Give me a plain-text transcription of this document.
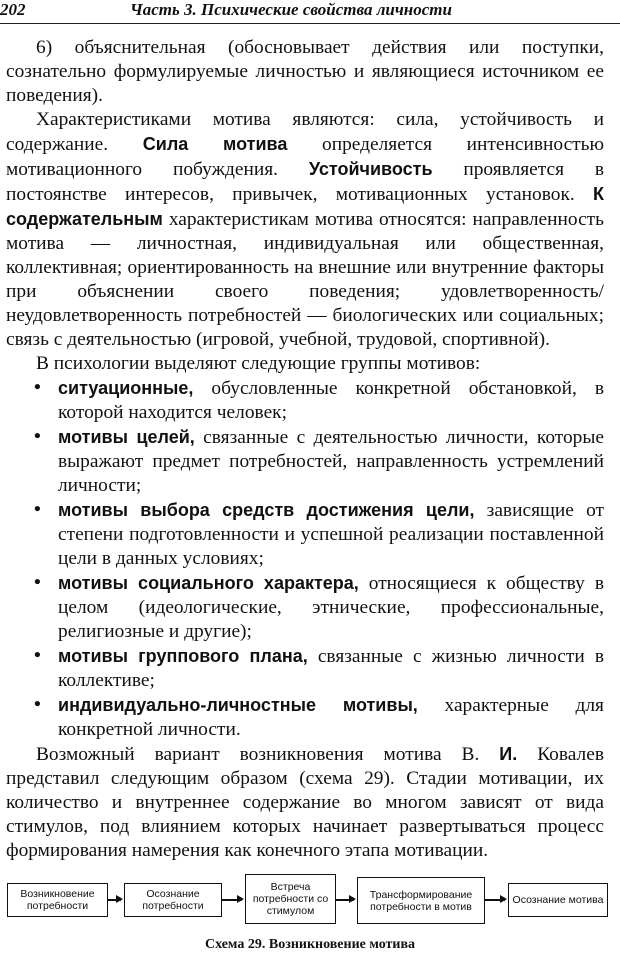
202	Часть 3. Психические свойства личности

6) объяснительная (обосновывает действия или поступки, сознательно формулируемые личностью и являющиеся источником ее поведения).

Характеристиками мотива являются: сила, устойчивость и содержание. Сила мотива определяется интенсивностью мотивационного побуждения. Устойчивость проявляется в постоянстве интересов, привычек, мотивационных установок. К содержательным характеристикам мотива относятся: направленность мотива — личностная, индивидуальная или общественная, коллективная; ориентированность на внешние или внутренние факторы при объяснении своего поведения; удовлетворенность/неудовлетворенность потребностей — биологических или социальных; связь с деятельностью (игровой, учебной, трудовой, спортивной).

В психологии выделяют следующие группы мотивов:

• ситуационные, обусловленные конкретной обстановкой, в которой находится человек;

• мотивы целей, связанные с деятельностью личности, которые выражают предмет потребностей, направленность устремлений личности;

• мотивы выбора средств достижения цели, зависящие от степени подготовленности и успешной реализации поставленной цели в данных условиях;

• мотивы социального характера, относящиеся к обществу в целом (идеологические, этнические, профессиональные, религиозные и другие);

• мотивы группового плана, связанные с жизнью личности в коллективе;

• индивидуально-личностные мотивы, характерные для конкретной личности.

Возможный вариант возникновения мотива В. И. Ковалев представил следующим образом (схема 29). Стадии мотивации, их количество и внутреннее содержание во многом зависят от вида стимулов, под влиянием которых начинает развертываться процесс формирования намерения как конечного этапа мотивации.

Возникновение потребности
Осознание потребности
Встреча потребности со стимулом
Трансформирование потребности в мотив
Осознание мотива
Схема 29. Возникновение мотива
